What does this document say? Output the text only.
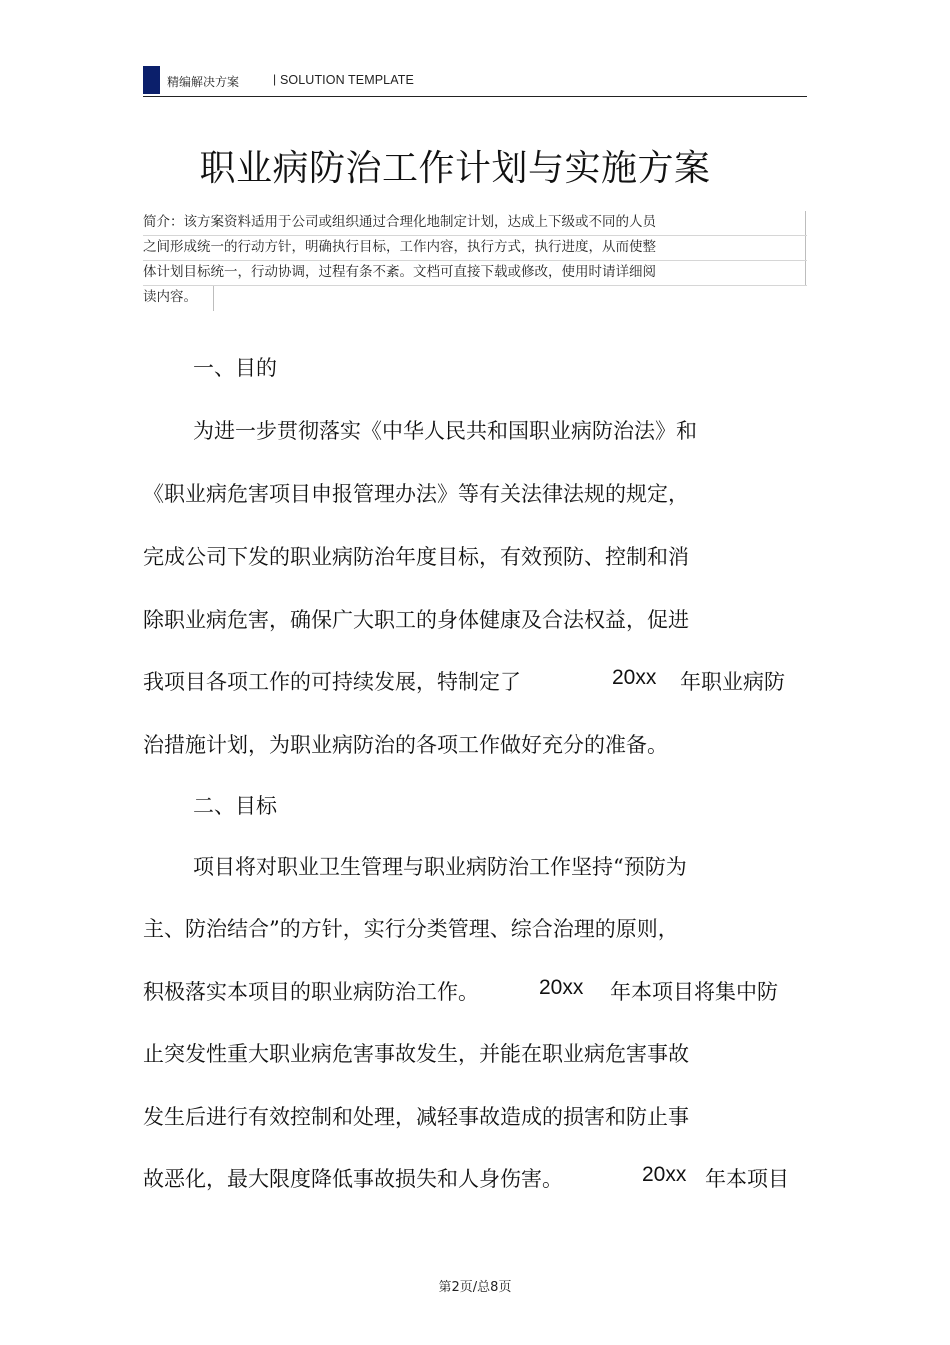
精编解决方案	| SOLUTION TEMPLATE
职业病防治工作计划与实施方案
简介：该方案资料适用于公司或组织通过合理化地制定计划，达成上下级或不同的人员
之间形成统一的行动方针，明确执行目标，工作内容，执行方式，执行进度，从而使整
体计划目标统一，行动协调，过程有条不紊。文档可直接下载或修改，使用时请详细阅
读内容。
一、目的
为进一步贯彻落实《中华人民共和国职业病防治法》和
《职业病危害项目申报管理办法》等有关法律法规的规定，
完成公司下发的职业病防治年度目标，有效预防、控制和消
除职业病危害，确保广大职工的身体健康及合法权益，促进
我项目各项工作的可持续发展，特制定了	20xx 年职业病防
治措施计划，为职业病防治的各项工作做好充分的准备。
二、目标
项目将对职业卫生管理与职业病防治工作坚持“预防为
主、防治结合”的方针，实行分类管理、综合治理的原则，
积极落实本项目的职业病防治工作。	20xx 年本项目将集中防
止突发性重大职业病危害事故发生，并能在职业病危害事故
发生后进行有效控制和处理，减轻事故造成的损害和防止事
故恶化，最大限度降低事故损失和人身伤害。	20xx 年本项目
第2页/总8页
